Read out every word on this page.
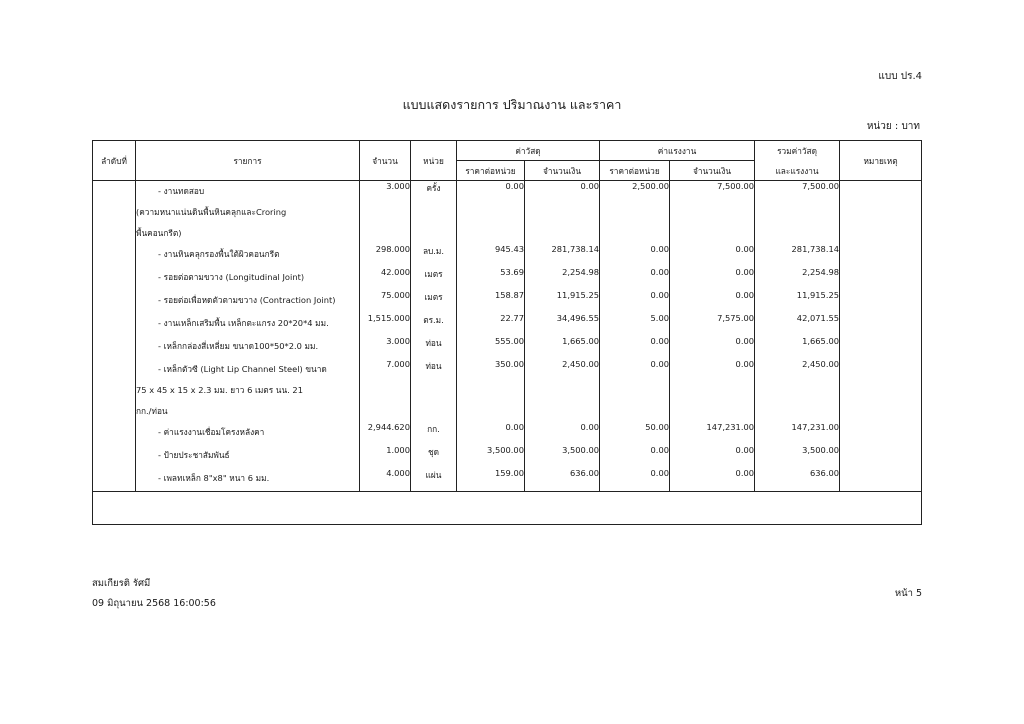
แบบ ปร.4
แบบแสดงรายการ ปริมาณงาน และราคา
หน่วย : บาท
ลำดับที่	รายการ	จำนวน	หน่วย	ค่าวัสดุ		ค่าแรงงาน		รวมค่าวัสดุ
และแรงงาน	หมายเหตุ
				ราคาต่อหน่วย	จำนวนเงิน	ราคาต่อหน่วย	จำนวนเงิน		

	- งานทดสอบ
(ความหนาแน่นดินพื้นหินคลุกและCroring
พื้นคอนกรีต)	3.000	ครั้ง	0.00	0.00	2,500.00	7,500.00	7,500.00	

	- งานหินคลุกรองพื้นใต้ผิวคอนกรีต	298.000	ลบ.ม.	945.43	281,738.14	0.00	0.00	281,738.14	

	- รอยต่อตามขวาง (Longitudinal Joint)	42.000	เมตร	53.69	2,254.98	0.00	0.00	2,254.98	

	- รอยต่อเพื่อหดตัวตามขวาง (Contraction Joint)	75.000	เมตร	158.87	11,915.25	0.00	0.00	11,915.25	

	- งานเหล็กเสริมพื้น เหล็กตะแกรง 20*20*4 มม.	1,515.000	ตร.ม.	22.77	34,496.55	5.00	7,575.00	42,071.55	

	- เหล็กกล่องสี่เหลี่ยม ขนาด100*50*2.0 มม.	3.000	ท่อน	555.00	1,665.00	0.00	0.00	1,665.00	

	- เหล็กตัวซี (Light Lip Channel Steel) ขนาด
75 x 45 x 15 x 2.3 มม. ยาว 6 เมตร นน. 21
กก./ท่อน	7.000	ท่อน	350.00	2,450.00	0.00	0.00	2,450.00	

	- ค่าแรงงานเชื่อมโครงหลังคา	2,944.620	กก.	0.00	0.00	50.00	147,231.00	147,231.00	

	- ป้ายประชาสัมพันธ์	1.000	ชุด	3,500.00	3,500.00	0.00	0.00	3,500.00	

	- เพลทเหล็ก 8"x8" หนา 6 มม.	4.000	แผ่น	159.00	636.00	0.00	0.00	636.00	

สมเกียรติ รัศมี
09 มิถุนายน 2568 16:00:56
หน้า 5
